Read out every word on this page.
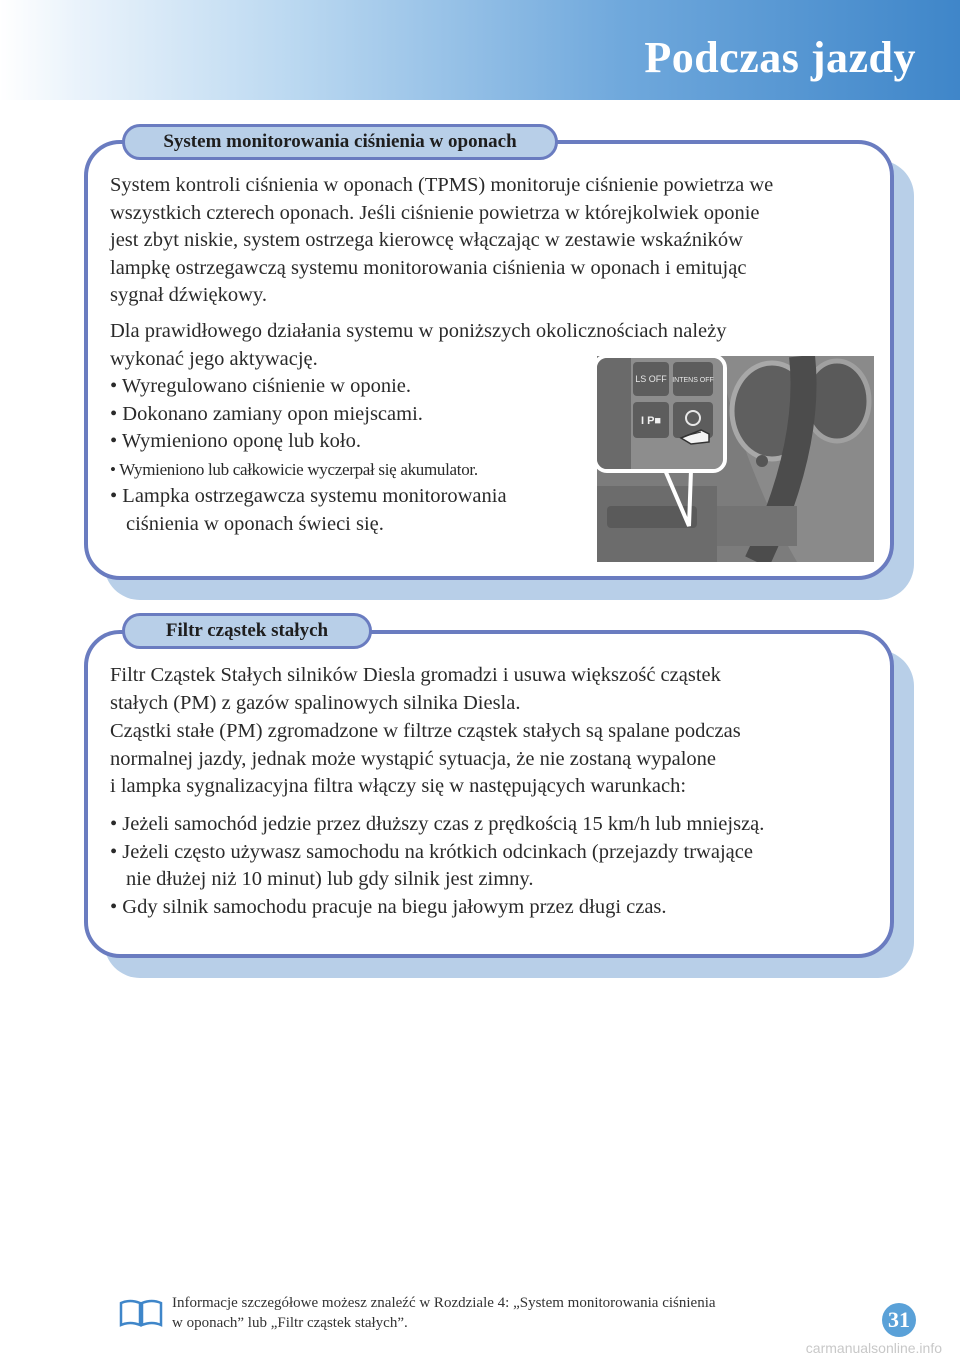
Podczas jazdy
System monitorowania ciśnienia w oponach
System kontroli ciśnienia w oponach (TPMS) monitoruje ciśnienie powietrza we
wszystkich czterech oponach. Jeśli ciśnienie powietrza w którejkolwiek oponie
jest zbyt niskie, system ostrzega kierowcę włączając w zestawie wskaźników
lampkę ostrzegawczą systemu monitorowania ciśnienia w oponach i emitując
sygnał dźwiękowy.
Dla prawidłowego działania systemu w poniższych okolicznościach należy
wykonać jego aktywację.
• Wyregulowano ciśnienie w oponie.
• Dokonano zamiany opon miejscami.
• Wymieniono oponę lub koło.
• Wymieniono lub całkowicie wyczerpał się akumulator.
• Lampka ostrzegawcza systemu monitorowania
ciśnienia w oponach świeci się.
LS OFF INTENS OFF
I P■
Filtr cząstek stałych
Filtr Cząstek Stałych silników Diesla gromadzi i usuwa większość cząstek
stałych (PM) z gazów spalinowych silnika Diesla.
Cząstki stałe (PM) zgromadzone w filtrze cząstek stałych są spalane podczas
normalnej jazdy, jednak może wystąpić sytuacja, że nie zostaną wypalone
i lampka sygnalizacyjna filtra włączy się w następujących warunkach:
• Jeżeli samochód jedzie przez dłuższy czas z prędkością 15 km/h lub mniejszą.
• Jeżeli często używasz samochodu na krótkich odcinkach (przejazdy trwające
nie dłużej niż 10 minut) lub gdy silnik jest zimny.
• Gdy silnik samochodu pracuje na biegu jałowym przez długi czas.
Informacje szczegółowe możesz znaleźć w Rozdziale 4: „System monitorowania ciśnienia
w oponach” lub „Filtr cząstek stałych”.	31
carmanualsonline.info
